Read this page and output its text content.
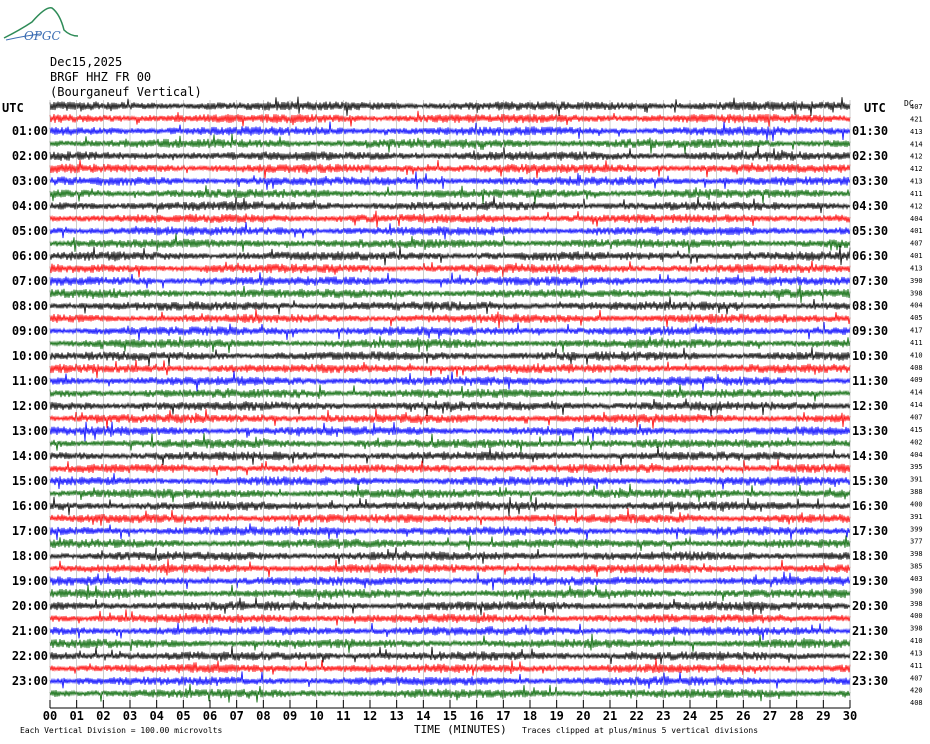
OPGC
Dec15,2025
BRGF HHZ FR 00
(Bourganeuf Vertical)
01:00
02:00
03:00
04:00
05:00
06:00
07:00
08:00
09:00
10:00
11:00
12:00
13:00
14:00
15:00
16:00
17:00
18:00
19:00
20:00
21:00
22:00
23:00
01:30
02:30
03:30
04:30
05:30
06:30
07:30
08:30
09:30
10:30
11:30
12:30
13:30
14:30
15:30
16:30
17:30
18:30
19:30
20:30
21:30
22:30
23:30
407
421
413
414
412
412
413
411
412
404
401
407
401
413
390
398
404
405
417
411
410
408
409
414
414
407
415
402
404
395
391
388
400
391
399
377
398
385
403
390
398
400
398
410
413
411
407
420
408
00 01 02 03 04 05 06 07 08 09 10 11 12 13 14 15 16 17 18 19 20 21 22 23 24 25 26 27 28 29 30
UTC	UTC DC
TIME (MINUTES)
Each Vertical Division = 100.00 microvolts	Traces clipped at plus/minus 5 vertical divisions
